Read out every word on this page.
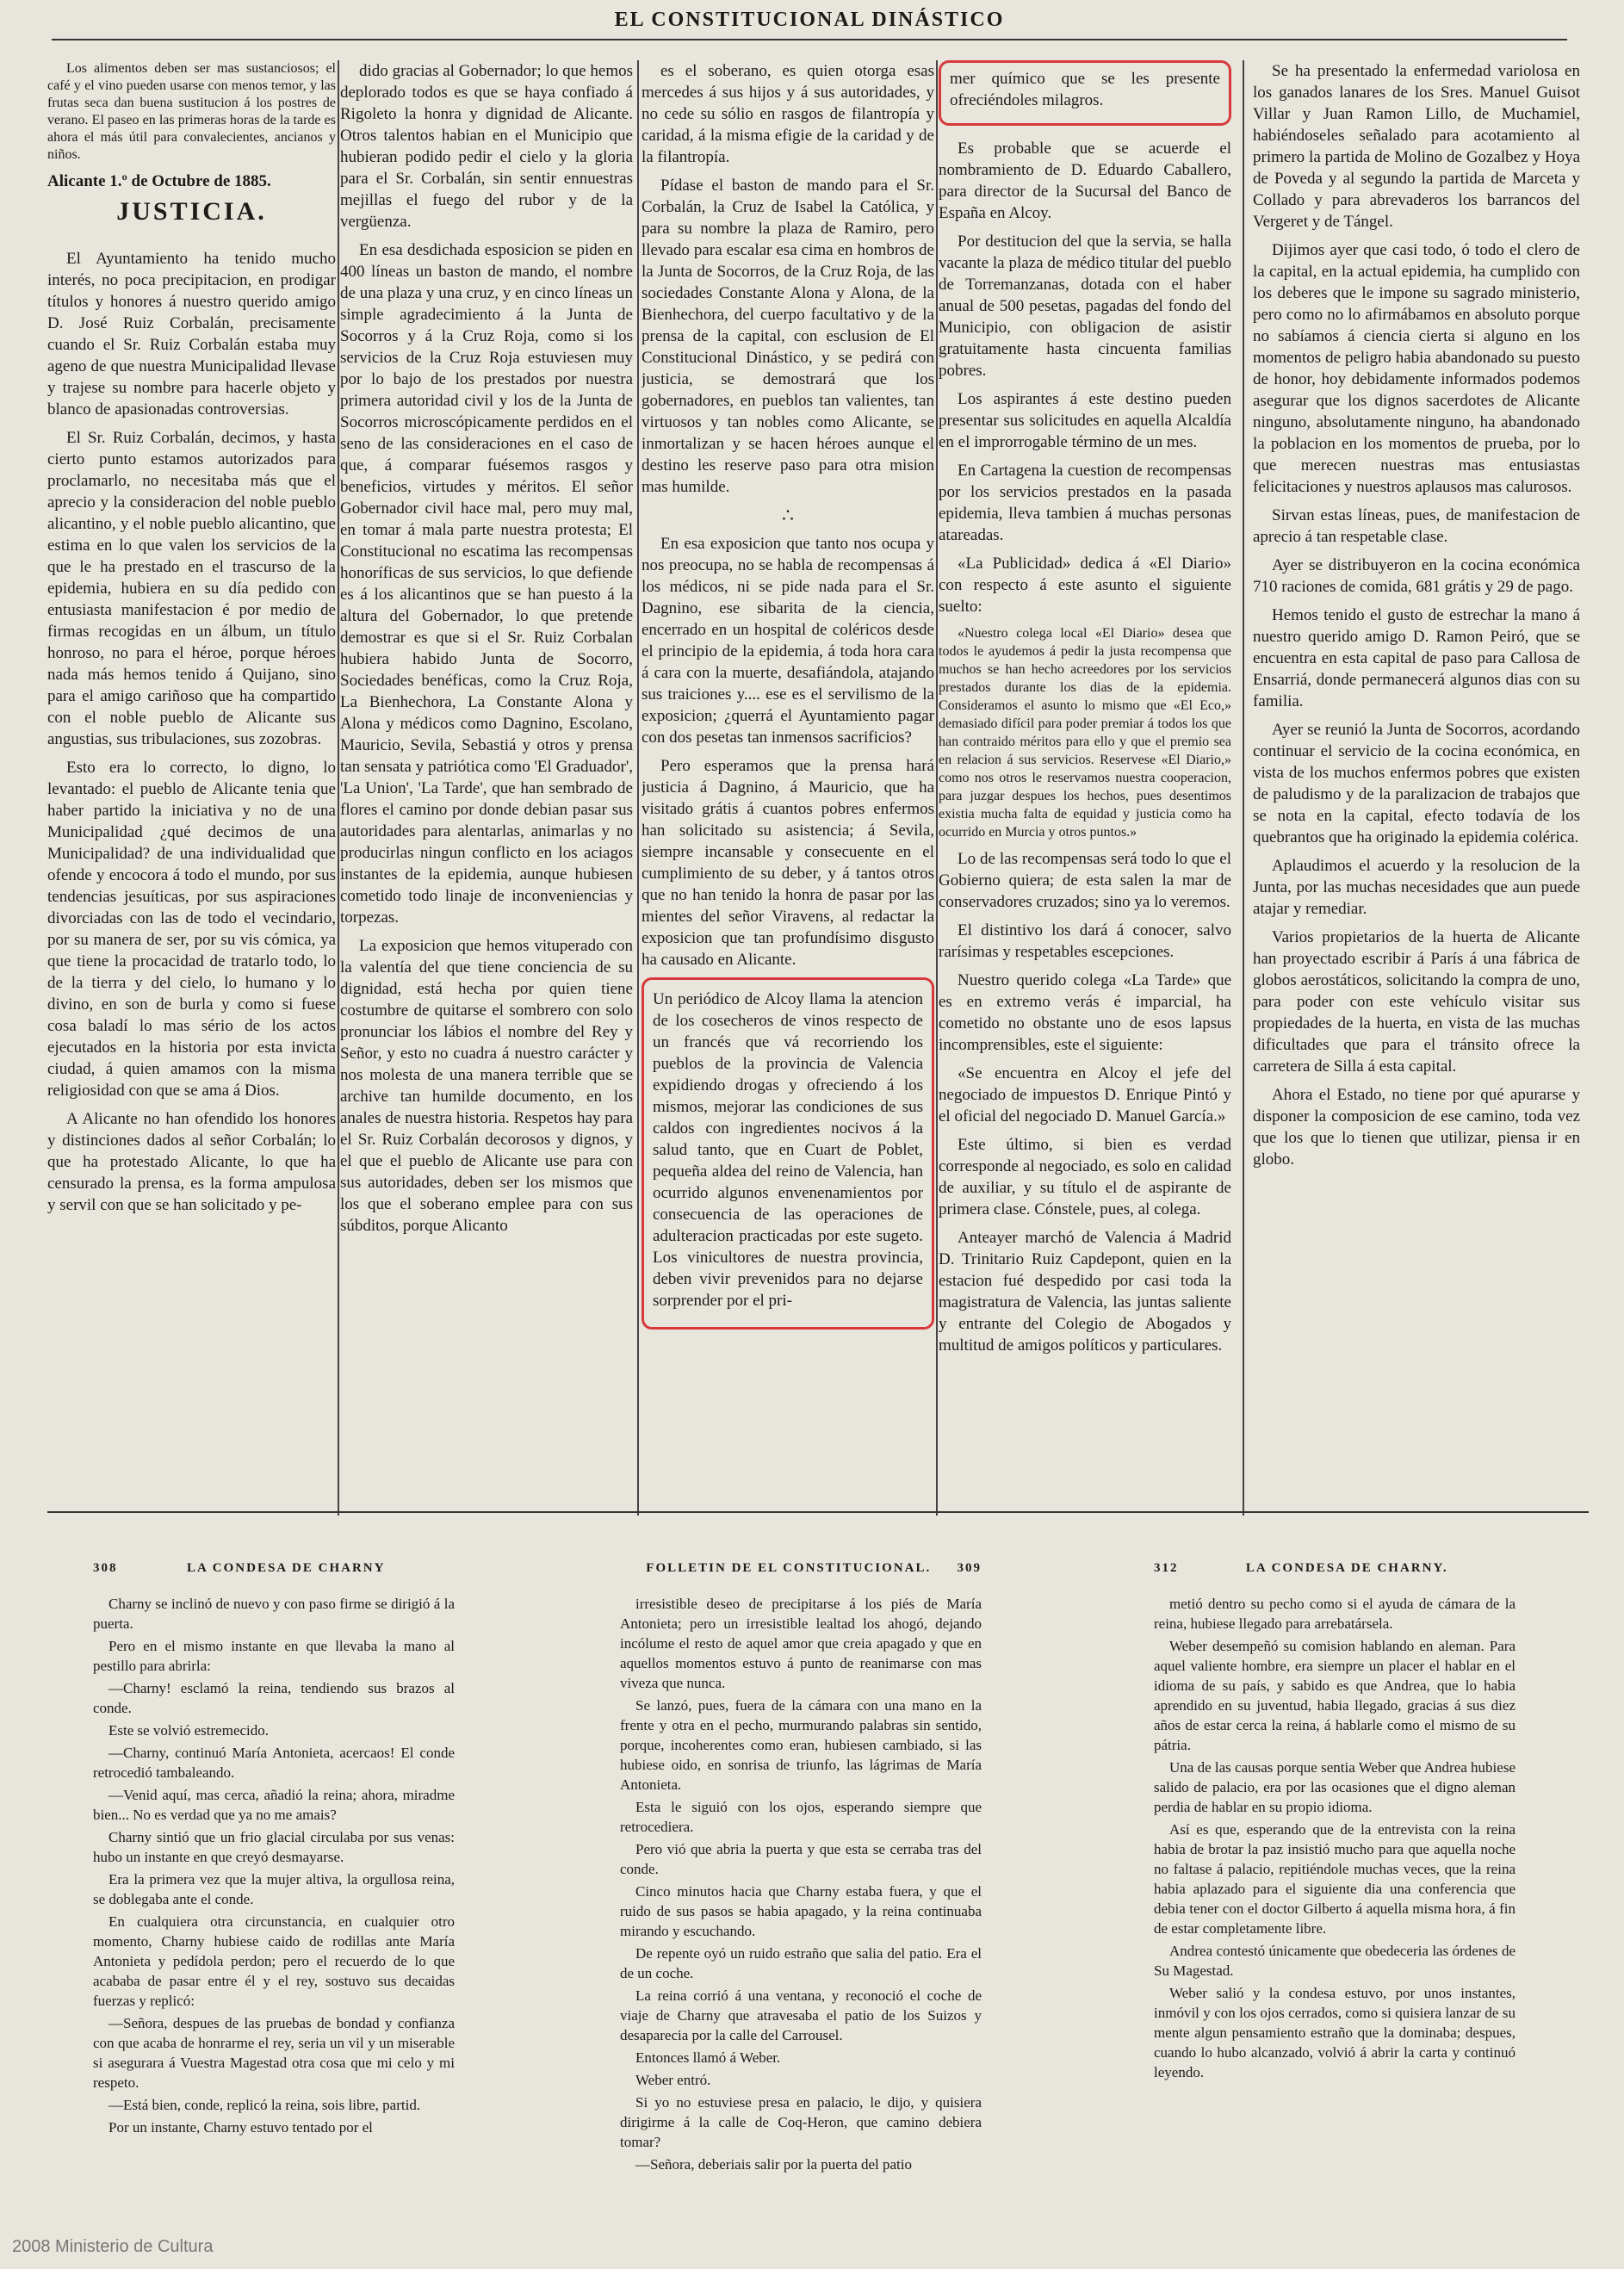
EL CONSTITUCIONAL DINÁSTICO

Los alimentos deben ser mas sustanciosos; el café y el vino pueden usarse con menos temor, y las frutas seca dan buena sustitucion á los postres de verano. El paseo en las primeras horas de la tarde es ahora el más útil para convalecientes, ancianos y niños.

Alicante 1.º de Octubre de 1885.

JUSTICIA.

El Ayuntamiento ha tenido mucho interés, no poca precipitacion, en prodigar títulos y honores á nuestro querido amigo D. José Ruiz Corbalán, precisamente cuando el Sr. Ruiz Corbalán estaba muy ageno de que nuestra Municipalidad llevase y trajese su nombre para hacerle objeto y blanco de apasionadas controversias.

El Sr. Ruiz Corbalán, decimos, y hasta cierto punto estamos autorizados para proclamarlo, no necesitaba más que el aprecio y la consideracion del noble pueblo alicantino, y el noble pueblo alicantino, que estima en lo que valen los servicios de la que le ha prestado en el trascurso de la epidemia, hubiera en su día pedido con entusiasta manifestacion é por medio de firmas recogidas en un álbum, un título honroso, no para el héroe, porque héroes nada más hemos tenido á Quijano, sino para el amigo cariñoso que ha compartido con el noble pueblo de Alicante sus angustias, sus tribulaciones, sus zozobras.

Esto era lo correcto, lo digno, lo levantado: el pueblo de Alicante tenia que haber partido la iniciativa y no de una Municipalidad ¿qué decimos de una Municipalidad? de una individualidad que ofende y encocora á todo el mundo, por sus tendencias jesuíticas, por sus aspiraciones divorciadas con las de todo el vecindario, por su manera de ser, por su vis cómica, ya que tiene la procacidad de tratarlo todo, lo de la tierra y del cielo, lo humano y lo divino, en son de burla y como si fuese cosa baladí lo mas sério de los actos ejecutados en la historia por esta invicta ciudad, á quien amamos con la misma religiosidad con que se ama á Dios.

A Alicante no han ofendido los honores y distinciones dados al señor Corbalán; lo que ha protestado Alicante, lo que ha censurado la prensa, es la forma ampulosa y servil con que se han solicitado y pe-

dido gracias al Gobernador; lo que hemos deplorado todos es que se haya confiado á Rigoleto la honra y dignidad de Alicante. Otros talentos habian en el Municipio que hubieran podido pedir el cielo y la gloria para el Sr. Corbalán, sin sentir ennuestras mejillas el fuego del rubor y de la vergüenza.

En esa desdichada esposicion se piden en 400 líneas un baston de mando, el nombre de una plaza y una cruz, y en cinco líneas un simple agradecimiento á la Junta de Socorros y á la Cruz Roja, como si los servicios de la Cruz Roja estuviesen muy por lo bajo de los prestados por nuestra primera autoridad civil y los de la Junta de Socorros microscópicamente perdidos en el seno de las consideraciones en el caso de que, á comparar fuésemos rasgos y beneficios, virtudes y méritos. El señor Gobernador civil hace mal, pero muy mal, en tomar á mala parte nuestra protesta; El Constitucional no escatima las recompensas honoríficas de sus servicios, lo que defiende es á los alicantinos que se han puesto á la altura del Gobernador, lo que pretende demostrar es que si el Sr. Ruiz Corbalan hubiera habido Junta de Socorro, Sociedades benéficas, como la Cruz Roja, La Bienhechora, La Constante Alona y Alona y médicos como Dagnino, Escolano, Mauricio, Sevila, Sebastiá y otros y prensa tan sensata y patriótica como 'El Graduador', 'La Union', 'La Tarde', que han sembrado de flores el camino por donde debian pasar sus autoridades para alentarlas, animarlas y no producirlas ningun conflicto en los aciagos instantes de la epidemia, aunque hubiesen cometido todo linaje de inconveniencias y torpezas.

La exposicion que hemos vituperado con la valentía del que tiene conciencia de su dignidad, está hecha por quien tiene costumbre de quitarse el sombrero con solo pronunciar los lábios el nombre del Rey y Señor, y esto no cuadra á nuestro carácter y nos molesta de una manera terrible que se archive tan humilde documento, en los anales de nuestra historia. Respetos hay para el Sr. Ruiz Corbalán decorosos y dignos, y el que el pueblo de Alicante use para con sus autoridades, deben ser los mismos que los que el soberano emplee para con sus súbditos, porque Alicanto

es el soberano, es quien otorga esas mercedes á sus hijos y á sus autoridades, y no cede su sólio en rasgos de filantropía y caridad, á la misma efigie de la caridad y de la filantropía.

Pídase el baston de mando para el Sr. Corbalán, la Cruz de Isabel la Católica, y para su nombre la plaza de Ramiro, pero llevado para escalar esa cima en hombros de la Junta de Socorros, de la Cruz Roja, de las sociedades Constante Alona y Alona, de la Bienhechora, del cuerpo facultativo y de la prensa de la capital, con esclusion de El Constitucional Dinástico, y se pedirá con justicia, se demostrará que los gobernadores, en pueblos tan valientes, tan virtuosos y tan nobles como Alicante, se inmortalizan y se hacen héroes aunque el destino les reserve paso para otra mision mas humilde.

∴

En esa exposicion que tanto nos ocupa y nos preocupa, no se habla de recompensas á los médicos, ni se pide nada para el Sr. Dagnino, ese sibarita de la ciencia, encerrado en un hospital de coléricos desde el principio de la epidemia, á toda hora cara á cara con la muerte, desafiándola, atajando sus traiciones y.... ese es el servilismo de la exposicion; ¿querrá el Ayuntamiento pagar con dos pesetas tan inmensos sacrificios?

Pero esperamos que la prensa hará justicia á Dagnino, á Mauricio, que ha visitado grátis á cuantos pobres enfermos han solicitado su asistencia; á Sevila, siempre incansable y consecuente en el cumplimiento de su deber, y á tantos otros que no han tenido la honra de pasar por las mientes del señor Viravens, al redactar la exposicion que tan profundísimo disgusto ha causado en Alicante.

Un periódico de Alcoy llama la atencion de los cosecheros de vinos respecto de un francés que vá recorriendo los pueblos de la provincia de Valencia expidiendo drogas y ofreciendo á los mismos, mejorar las condiciones de sus caldos con ingredientes nocivos á la salud tanto, que en Cuart de Poblet, pequeña aldea del reino de Valencia, han ocurrido algunos envenenamientos por consecuencia de las operaciones de adulteracion practicadas por este sugeto. Los vinicultores de nuestra provincia, deben vivir prevenidos para no dejarse sorprender por el pri-

mer químico que se les presente ofreciéndoles milagros.

Es probable que se acuerde el nombramiento de D. Eduardo Caballero, para director de la Sucursal del Banco de España en Alcoy.

Por destitucion del que la servia, se halla vacante la plaza de médico titular del pueblo de Torremanzanas, dotada con el haber anual de 500 pesetas, pagadas del fondo del Municipio, con obligacion de asistir gratuitamente hasta cincuenta familias pobres.

Los aspirantes á este destino pueden presentar sus solicitudes en aquella Alcaldía en el improrrogable término de un mes.

En Cartagena la cuestion de recompensas por los servicios prestados en la pasada epidemia, lleva tambien á muchas personas atareadas.

«La Publicidad» dedica á «El Diario» con respecto á este asunto el siguiente suelto:

«Nuestro colega local «El Diario» desea que todos le ayudemos á pedir la justa recompensa que muchos se han hecho acreedores por los servicios prestados durante los dias de la epidemia. Consideramos el asunto lo mismo que «El Eco,» demasiado difícil para poder premiar á todos los que han contraido méritos para ello y que el premio sea en relacion á sus servicios. Reservese «El Diario,» como nos otros le reservamos nuestra cooperacion, para juzgar despues los hechos, pues desentimos existia mucha falta de equidad y justicia como ha ocurrido en Murcia y otros puntos.»

Lo de las recompensas será todo lo que el Gobierno quiera; de esta salen la mar de conservadores cruzados; sino ya lo veremos.

El distintivo los dará á conocer, salvo rarísimas y respetables escepciones.

Nuestro querido colega «La Tarde» que es en extremo verás é imparcial, ha cometido no obstante uno de esos lapsus incomprensibles, este el siguiente:

«Se encuentra en Alcoy el jefe del negociado de impuestos D. Enrique Pintó y el oficial del negociado D. Manuel García.»

Este último, si bien es verdad corresponde al negociado, es solo en calidad de auxiliar, y su título el de aspirante de primera clase. Cónstele, pues, al colega.

Anteayer marchó de Valencia á Madrid D. Trinitario Ruiz Capdepont, quien en la estacion fué despedido por casi toda la magistratura de Valencia, las juntas saliente y entrante del Colegio de Abogados y multitud de amigos políticos y particulares.

Se ha presentado la enfermedad variolosa en los ganados lanares de los Sres. Manuel Guisot Villar y Juan Ramon Lillo, de Muchamiel, habiéndoseles señalado para acotamiento al primero la partida de Molino de Gozalbez y Hoya de Poveda y al segundo la partida de Marceta y Collado y para abrevaderos los barrancos del Vergeret y de Tángel.

Dijimos ayer que casi todo, ó todo el clero de la capital, en la actual epidemia, ha cumplido con los deberes que le impone su sagrado ministerio, pero como no lo afirmábamos en absoluto porque no sabíamos á ciencia cierta si alguno en los momentos de peligro habia abandonado su puesto de honor, hoy debidamente informados podemos asegurar que los dignos sacerdotes de Alicante ninguno, absolutamente ninguno, ha abandonado la poblacion en los momentos de prueba, por lo que merecen nuestras mas entusiastas felicitaciones y nuestros aplausos mas calurosos.

Sirvan estas líneas, pues, de manifestacion de aprecio á tan respetable clase.

Ayer se distribuyeron en la cocina económica 710 raciones de comida, 681 grátis y 29 de pago.

Hemos tenido el gusto de estrechar la mano á nuestro querido amigo D. Ramon Peiró, que se encuentra en esta capital de paso para Callosa de Ensarriá, donde permanecerá algunos dias con su familia.

Ayer se reunió la Junta de Socorros, acordando continuar el servicio de la cocina económica, en vista de los muchos enfermos pobres que existen de paludismo y de la paralizacion de trabajos que se nota en la capital, efecto todavía de los quebrantos que ha originado la epidemia colérica.

Aplaudimos el acuerdo y la resolucion de la Junta, por las muchas necesidades que aun puede atajar y remediar.

Varios propietarios de la huerta de Alicante han proyectado escribir á París á una fábrica de globos aerostáticos, solicitando la compra de uno, para poder con este vehículo visitar sus propiedades de la huerta, en vista de las muchas dificultades que para el tránsito ofrece la carretera de Silla á esta capital.

Ahora el Estado, no tiene por qué apurarse y disponer la composicion de ese camino, toda vez que los que lo tienen que utilizar, piensa ir en globo.

308	LA CONDESA DE CHARNY

Charny se inclinó de nuevo y con paso firme se dirigió á la puerta.

Pero en el mismo instante en que llevaba la mano al pestillo para abrirla:

—Charny! esclamó la reina, tendiendo sus brazos al conde.

Este se volvió estremecido.

—Charny, continuó María Antonieta, acercaos! El conde retrocedió tambaleando.

—Venid aquí, mas cerca, añadió la reina; ahora, miradme bien... No es verdad que ya no me amais?

Charny sintió que un frio glacial circulaba por sus venas: hubo un instante en que creyó desmayarse.

Era la primera vez que la mujer altiva, la orgullosa reina, se doblegaba ante el conde.

En cualquiera otra circunstancia, en cualquier otro momento, Charny hubiese caido de rodillas ante María Antonieta y pedídola perdon; pero el recuerdo de lo que acababa de pasar entre él y el rey, sostuvo sus decaidas fuerzas y replicó:

—Señora, despues de las pruebas de bondad y confianza con que acaba de honrarme el rey, seria un vil y un miserable si asegurara á Vuestra Magestad otra cosa que mi celo y mi respeto.

—Está bien, conde, replicó la reina, sois libre, partid.

Por un instante, Charny estuvo tentado por el

FOLLETIN DE EL CONSTITUCIONAL. 309

irresistible deseo de precipitarse á los piés de María Antonieta; pero un irresistible lealtad los ahogó, dejando incólume el resto de aquel amor que creia apagado y que en aquellos momentos estuvo á punto de reanimarse con mas viveza que nunca.

Se lanzó, pues, fuera de la cámara con una mano en la frente y otra en el pecho, murmurando palabras sin sentido, porque, incoherentes como eran, hubiesen cambiado, si las hubiese oido, en sonrisa de triunfo, las lágrimas de María Antonieta.

Esta le siguió con los ojos, esperando siempre que retrocediera.

Pero vió que abria la puerta y que esta se cerraba tras del conde.

Cinco minutos hacia que Charny estaba fuera, y que el ruido de sus pasos se habia apagado, y la reina continuaba mirando y escuchando.

De repente oyó un ruido estraño que salia del patio. Era el de un coche.

La reina corrió á una ventana, y reconoció el coche de viaje de Charny que atravesaba el patio de los Suizos y desaparecia por la calle del Carrousel.

Entonces llamó á Weber.

Weber entró.

Si yo no estuviese presa en palacio, le dijo, y quisiera dirigirme á la calle de Coq-Heron, que camino debiera tomar?

—Señora, deberiais salir por la puerta del patio

312	LA CONDESA DE CHARNY.

metió dentro su pecho como si el ayuda de cámara de la reina, hubiese llegado para arrebatársela.

Weber desempeñó su comision hablando en aleman. Para aquel valiente hombre, era siempre un placer el hablar en el idioma de su país, y sabido es que Andrea, que lo habia aprendido en su juventud, habia llegado, gracias á sus diez años de estar cerca la reina, á hablarle como el mismo de su pátria.

Una de las causas porque sentia Weber que Andrea hubiese salido de palacio, era por las ocasiones que el digno aleman perdia de hablar en su propio idioma.

Así es que, esperando que de la entrevista con la reina habia de brotar la paz insistió mucho para que aquella noche no faltase á palacio, repitiéndole muchas veces, que la reina habia aplazado para el siguiente dia una conferencia que debia tener con el doctor Gilberto á aquella misma hora, á fin de estar completamente libre.

Andrea contestó únicamente que obedeceria las órdenes de Su Magestad.

Weber salió y la condesa estuvo, por unos instantes, inmóvil y con los ojos cerrados, como si quisiera lanzar de su mente algun pensamiento estraño que la dominaba; despues, cuando lo hubo alcanzado, volvió á abrir la carta y continuó leyendo.

2008 Ministerio de Cultura
